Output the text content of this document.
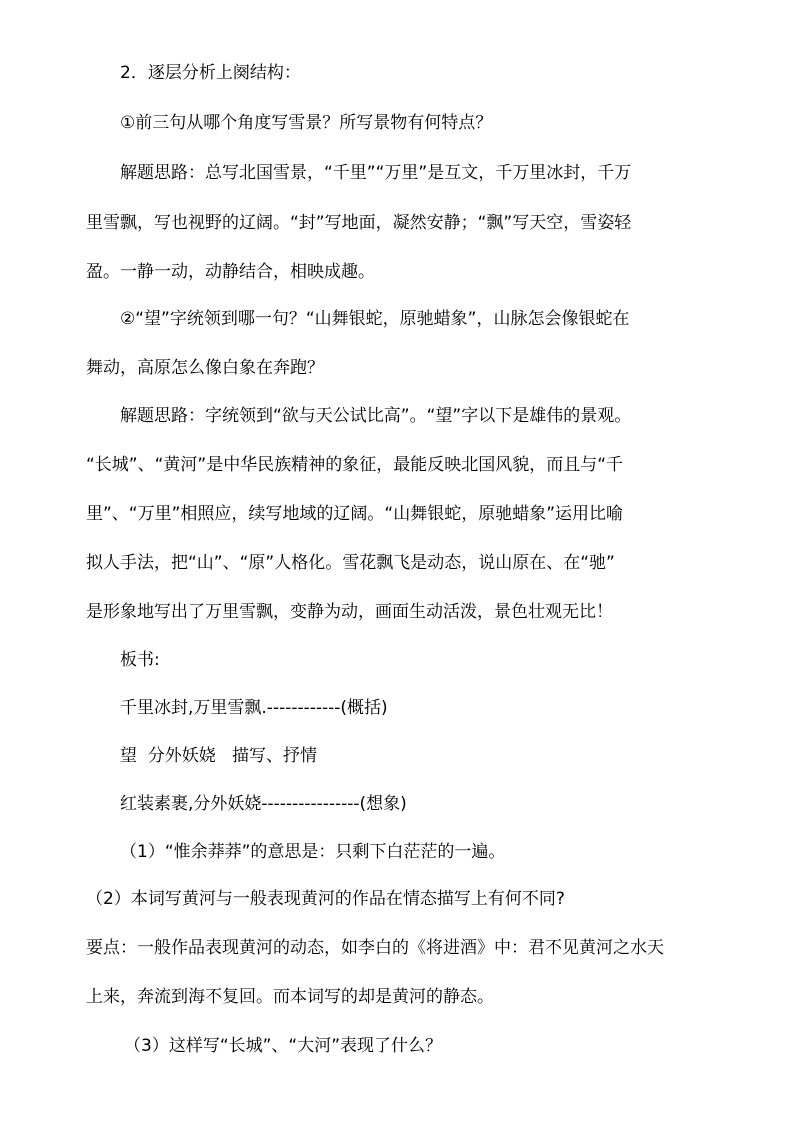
2．逐层分析上阕结构：
①前三句从哪个角度写雪景？所写景物有何特点？
解题思路：总写北国雪景，“千里”“万里”是互文，千万里冰封，千万
里雪飘，写也视野的辽阔。“封”写地面，凝然安静；“飘”写天空，雪姿轻
盈。一静一动，动静结合，相映成趣。
②“望”字统领到哪一句？“山舞银蛇，原驰蜡象”，山脉怎会像银蛇在
舞动，高原怎么像白象在奔跑？
解题思路：字统领到“欲与天公试比高”。“望”字以下是雄伟的景观。
“长城”、“黄河”是中华民族精神的象征，最能反映北国风貌，而且与“千
里”、“万里”相照应，续写地域的辽阔。“山舞银蛇，原驰蜡象”运用比喻
拟人手法，把“山”、“原”人格化。雪花飘飞是动态，说山原在、在“驰”
是形象地写出了万里雪飘，变静为动，画面生动活泼，景色壮观无比！
板书:
千里冰封,万里雪飘.------------(概括)
望  分外妖娆   描写、抒情
红装素裹,分外妖娆----------------(想象)
（1）“惟余莽莽”的意思是：只剩下白茫茫的一遍。
（2）本词写黄河与一般表现黄河的作品在情态描写上有何不同?
要点：一般作品表现黄河的动态，如李白的《将进酒》中：君不见黄河之水天
上来，奔流到海不复回。而本词写的却是黄河的静态。
（3）这样写“长城”、“大河”表现了什么？
